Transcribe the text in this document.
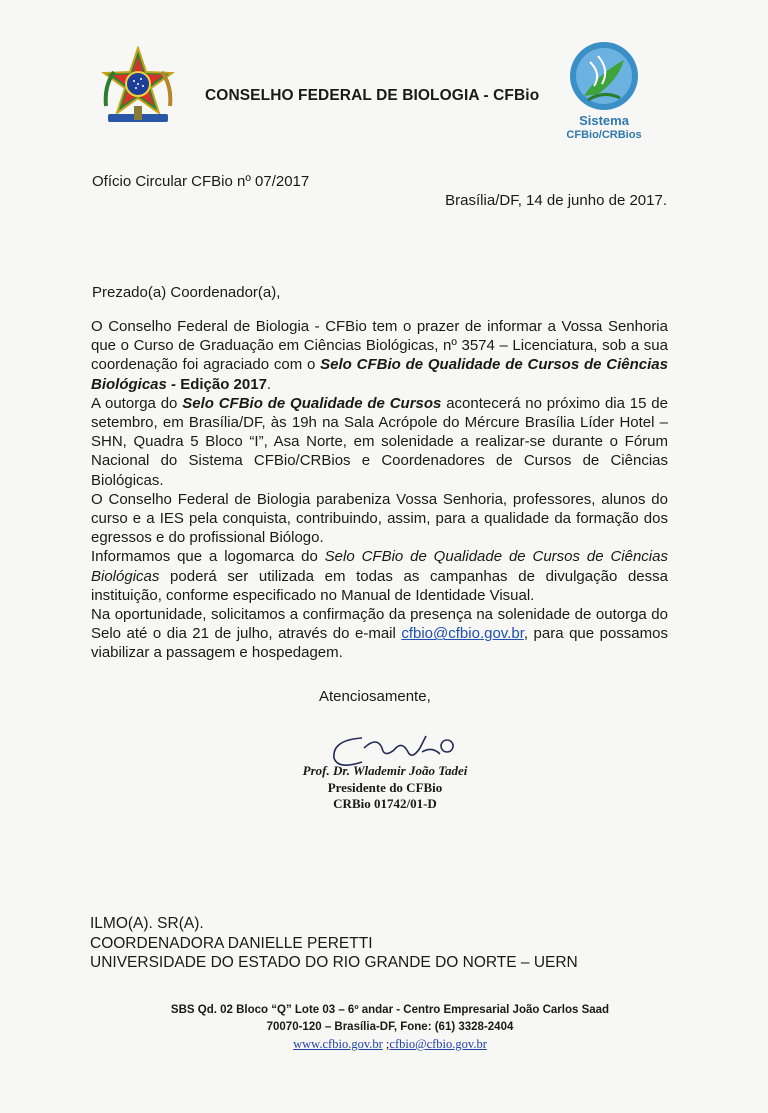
CONSELHO FEDERAL DE BIOLOGIA - CFBio
Sistema
CFBio/CRBios
Ofício Circular CFBio nº 07/2017
Brasília/DF, 14 de junho de 2017.
Prezado(a) Coordenador(a),

O Conselho Federal de Biologia - CFBio tem o prazer de informar a Vossa Senhoria que o Curso de Graduação em Ciências Biológicas, nº 3574 – Licenciatura, sob a sua coordenação foi agraciado com o Selo CFBio de Qualidade de Cursos de Ciências Biológicas - Edição 2017.

A outorga do Selo CFBio de Qualidade de Cursos acontecerá no próximo dia 15 de setembro, em Brasília/DF, às 19h na Sala Acrópole do Mércure Brasília Líder Hotel – SHN, Quadra 5 Bloco “I”, Asa Norte, em solenidade a realizar-se durante o Fórum Nacional do Sistema CFBio/CRBios e Coordenadores de Cursos de Ciências Biológicas.

O Conselho Federal de Biologia parabeniza Vossa Senhoria, professores, alunos do curso e a IES pela conquista, contribuindo, assim, para a qualidade da formação dos egressos e do profissional Biólogo.

Informamos que a logomarca do Selo CFBio de Qualidade de Cursos de Ciências Biológicas poderá ser utilizada em todas as campanhas de divulgação dessa instituição, conforme especificado no Manual de Identidade Visual.

Na oportunidade, solicitamos a confirmação da presença na solenidade de outorga do Selo até o dia 21 de julho, através do e-mail cfbio@cfbio.gov.br, para que possamos viabilizar a passagem e hospedagem.

Atenciosamente,
Prof. Dr. Wlademir João Tadei
Presidente do CFBio
CRBio 01742/01-D
ILMO(A). SR(A).
COORDENADORA DANIELLE PERETTI
UNIVERSIDADE DO ESTADO DO RIO GRANDE DO NORTE – UERN
SBS Qd. 02 Bloco “Q” Lote 03 – 6º andar - Centro Empresarial João Carlos Saad
70070-120 – Brasília-DF, Fone: (61) 3328-2404
www.cfbio.gov.br ;cfbio@cfbio.gov.br
